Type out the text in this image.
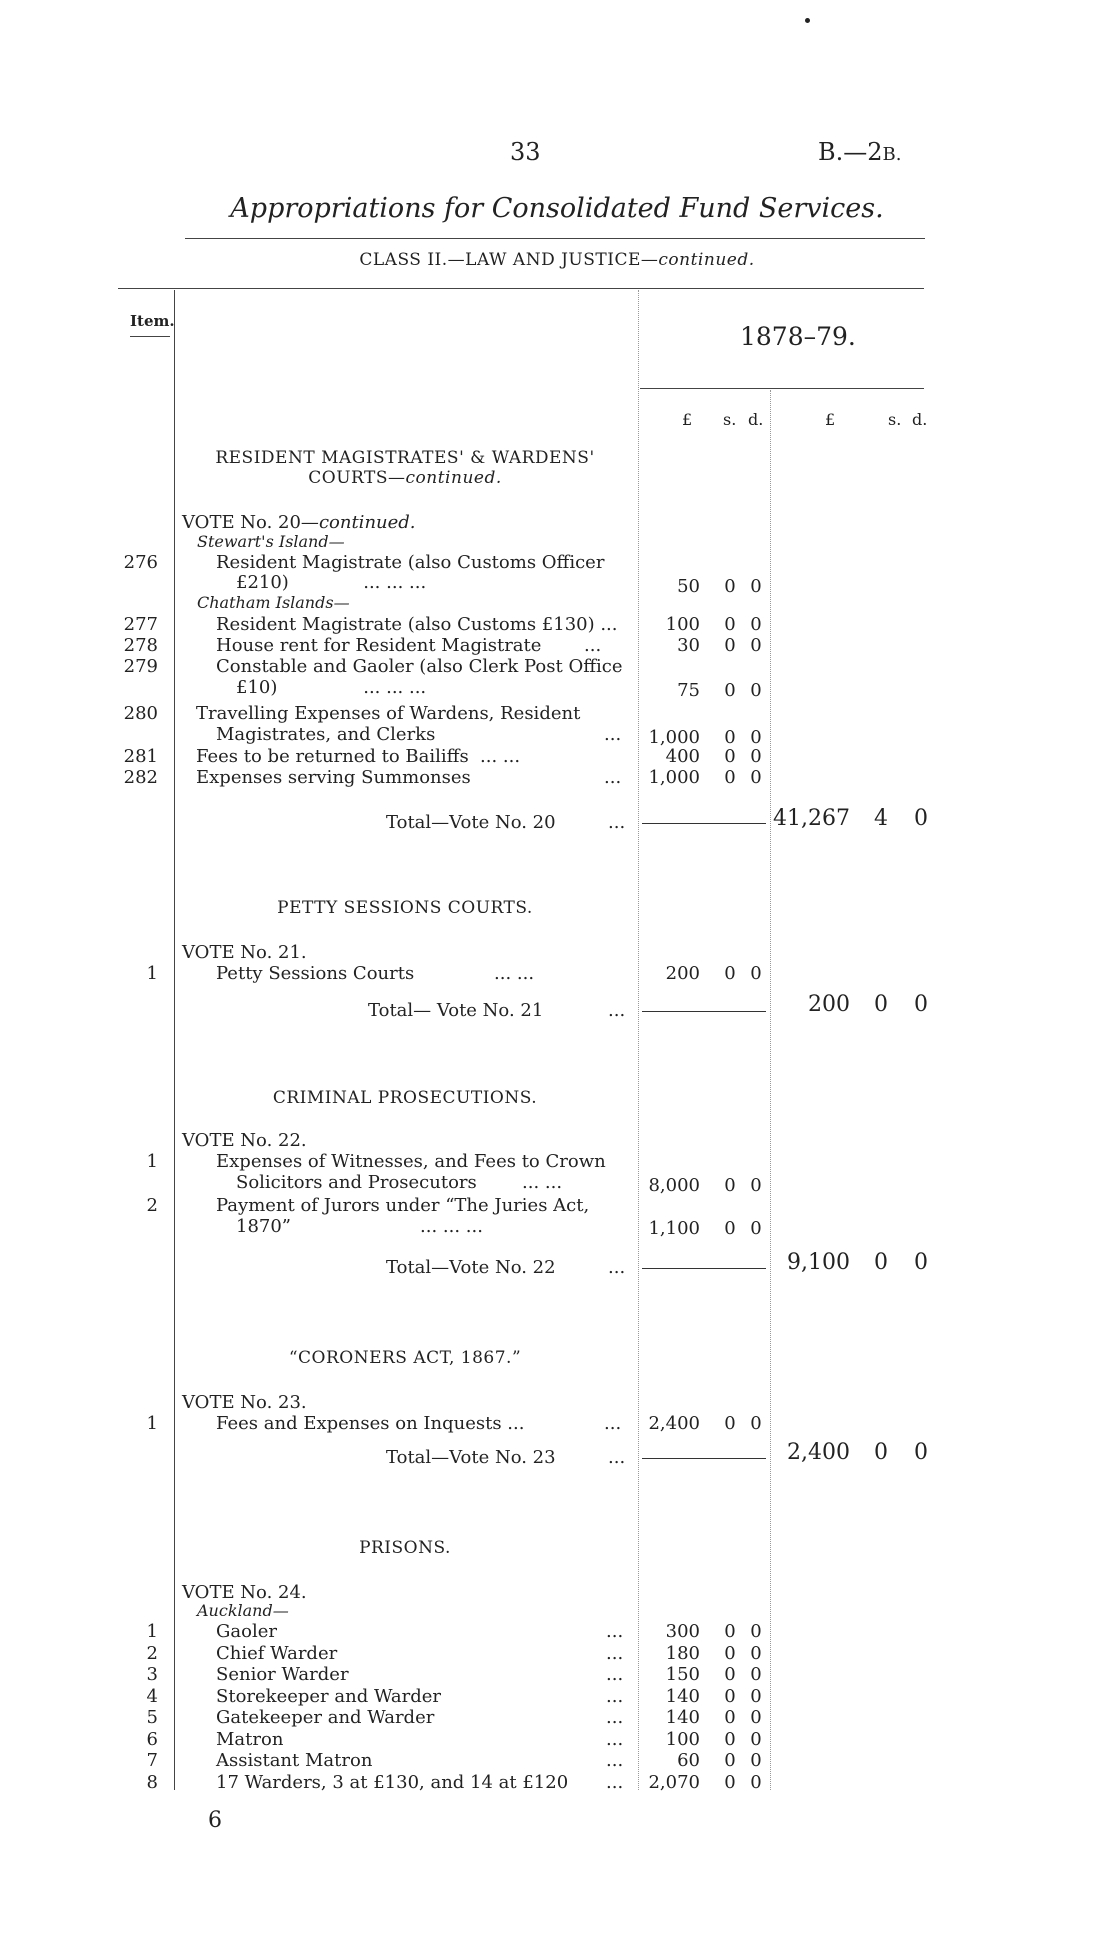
33	B.—2B.
Appropriations for Consolidated Fund Services.
CLASS II.—LAW AND JUSTICE—continued.
Item.
1878–79.
£ s. d.	£	s. d.
RESIDENT MAGISTRATES' & WARDENS'
COURTS—continued.
VOTE No. 20—continued.
Stewart's Island—
276	Resident Magistrate (also Customs Officer
£210)	... ... ...	50 0 0
Chatham Islands—
277	Resident Magistrate (also Customs £130) ...	100 0 0
278	House rent for Resident Magistrate ...	30 0 0
279	Constable and Gaoler (also Clerk Post Office
£10)	... ... ...	75 0 0
280 Travelling Expenses of Wardens, Resident
Magistrates, and Clerks	...	1,000 0 0
281 Fees to be returned to Bailiffs ... ...	400 0 0
282 Expenses serving Summonses	...	1,000 0 0
Total—Vote No. 20	...	41,267 4 0
PETTY SESSIONS COURTS.
VOTE No. 21.
1	Petty Sessions Courts	... ...	200 0 0
Total— Vote No. 21	...	200 0 0
CRIMINAL PROSECUTIONS.
VOTE No. 22.
1	Expenses of Witnesses, and Fees to Crown
Solicitors and Prosecutors	... ...	8,000 0 0
2	Payment of Jurors under “The Juries Act,
1870”	... ... ...	1,100 0 0
Total—Vote No. 22	...	9,100 0 0
“CORONERS ACT, 1867.”
VOTE No. 23.
1	Fees and Expenses on Inquests ...	...	2,400 0 0
Total—Vote No. 23	...	2,400 0 0
PRISONS.
VOTE No. 24.
Auckland—
1	Gaoler	...	300 0 0
2	Chief Warder	...	180 0 0
3	Senior Warder	...	150 0 0
4	Storekeeper and Warder	...	140 0 0
5	Gatekeeper and Warder	...	140 0 0
6	Matron	...	100 0 0
7	Assistant Matron	...	60 0 0
8	17 Warders, 3 at £130, and 14 at £120 ...	2,070 0 0
6
